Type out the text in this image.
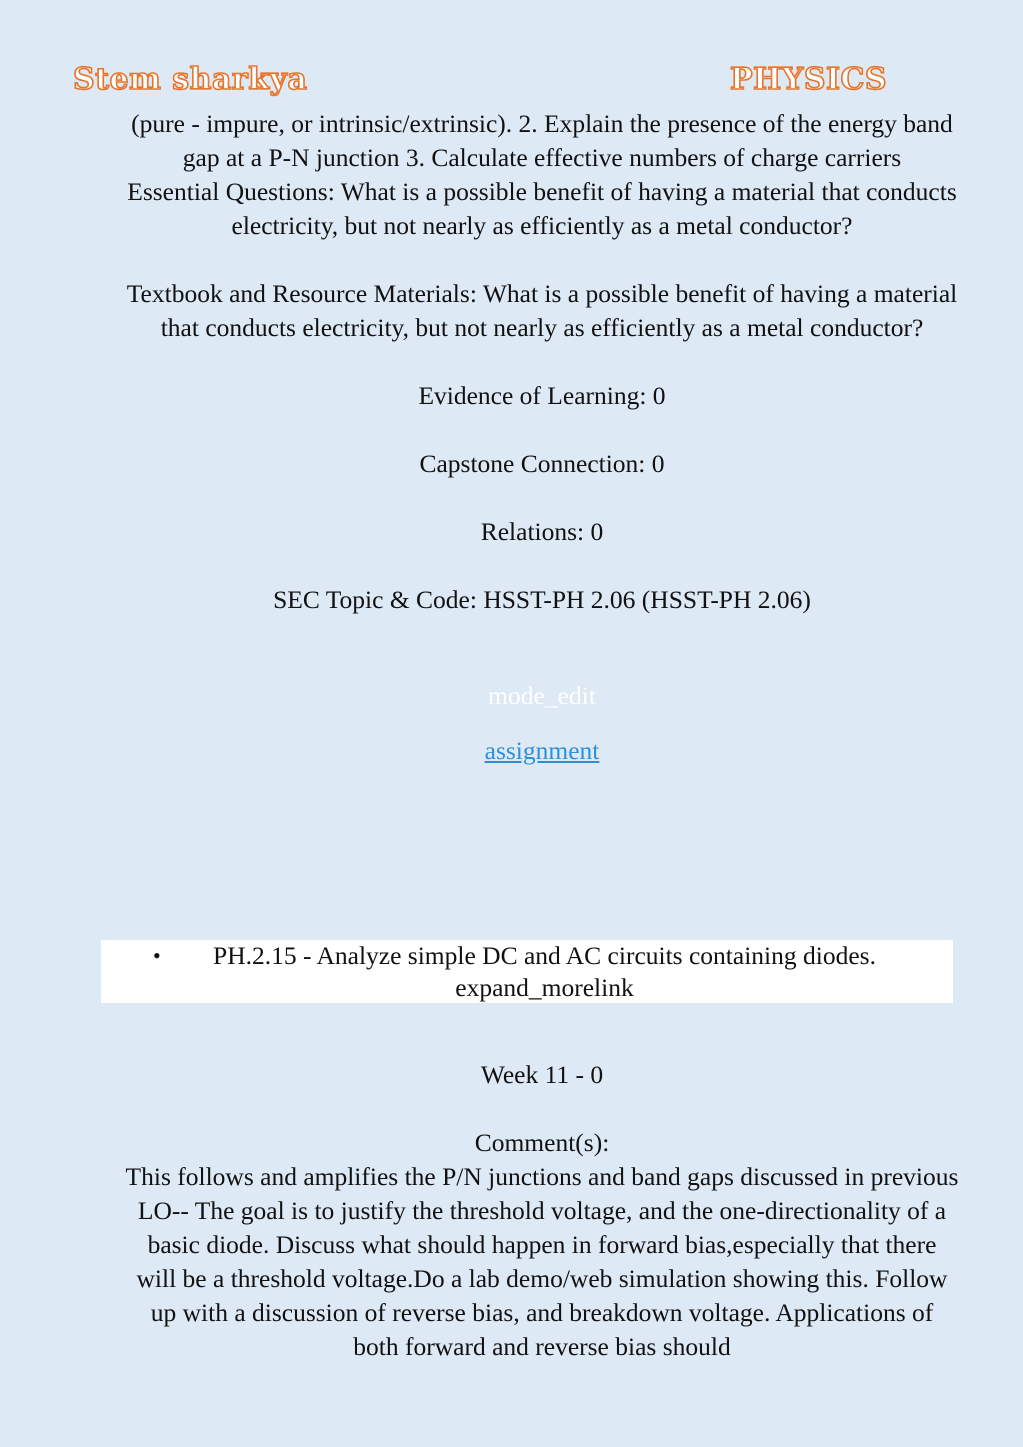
Stem sharkya	PHYSICS

(pure - impure, or intrinsic/extrinsic). 2. Explain the presence of the energy band gap at a P-N junction 3. Calculate effective numbers of charge carriers

Essential Questions: What is a possible benefit of having a material that conducts electricity, but not nearly as efficiently as a metal conductor?

Textbook and Resource Materials: What is a possible benefit of having a material that conducts electricity, but not nearly as efficiently as a metal conductor?

Evidence of Learning: 0

Capstone Connection: 0

Relations: 0

SEC Topic & Code: HSST-PH 2.06 (HSST-PH 2.06)

mode_edit

assignment
•	PH.2.15 - Analyze simple DC and AC circuits containing diodes.
expand_morelink

Week 11 - 0

Comment(s):

This follows and amplifies the P/N junctions and band gaps discussed in previous LO-- The goal is to justify the threshold voltage, and the one-directionality of a basic diode. Discuss what should happen in forward bias,especially that there will be a threshold voltage.Do a lab demo/web simulation showing this. Follow up with a discussion of reverse bias, and breakdown voltage. Applications of both forward and reverse bias should
